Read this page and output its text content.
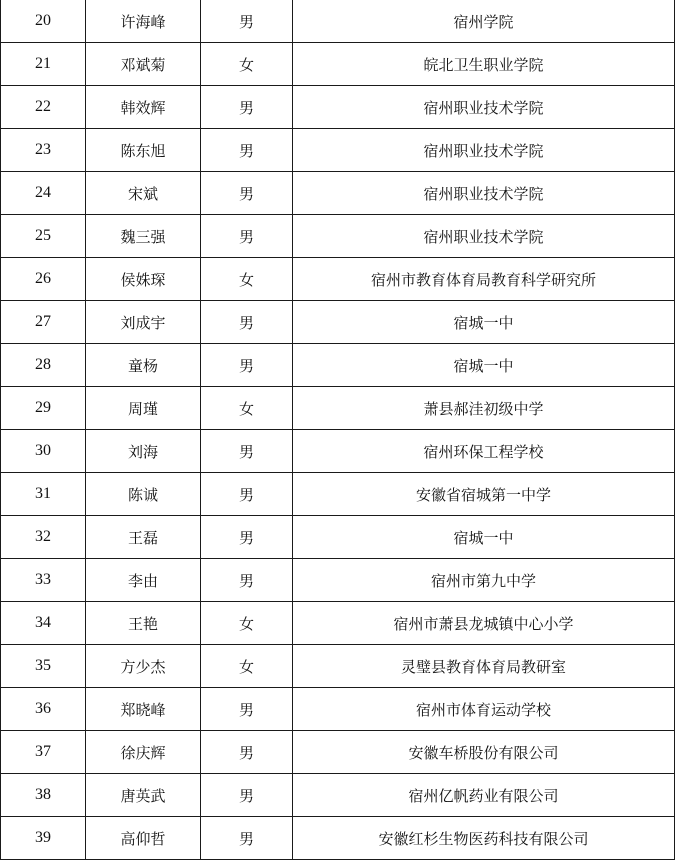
20	许海峰	男	宿州学院
21	邓斌菊	女	皖北卫生职业学院
22	韩效辉	男	宿州职业技术学院
23	陈东旭	男	宿州职业技术学院
24	宋斌	男	宿州职业技术学院
25	魏三强	男	宿州职业技术学院
26	侯姝琛	女	宿州市教育体育局教育科学研究所
27	刘成宇	男	宿城一中
28	童杨	男	宿城一中
29	周瑾	女	萧县郝洼初级中学
30	刘海	男	宿州环保工程学校
31	陈诚	男	安徽省宿城第一中学
32	王磊	男	宿城一中
33	李由	男	宿州市第九中学
34	王艳	女	宿州市萧县龙城镇中心小学
35	方少杰	女	灵璧县教育体育局教研室
36	郑晓峰	男	宿州市体育运动学校
37	徐庆辉	男	安徽车桥股份有限公司
38	唐英武	男	宿州亿帆药业有限公司
39	高仰哲	男	安徽红杉生物医药科技有限公司
